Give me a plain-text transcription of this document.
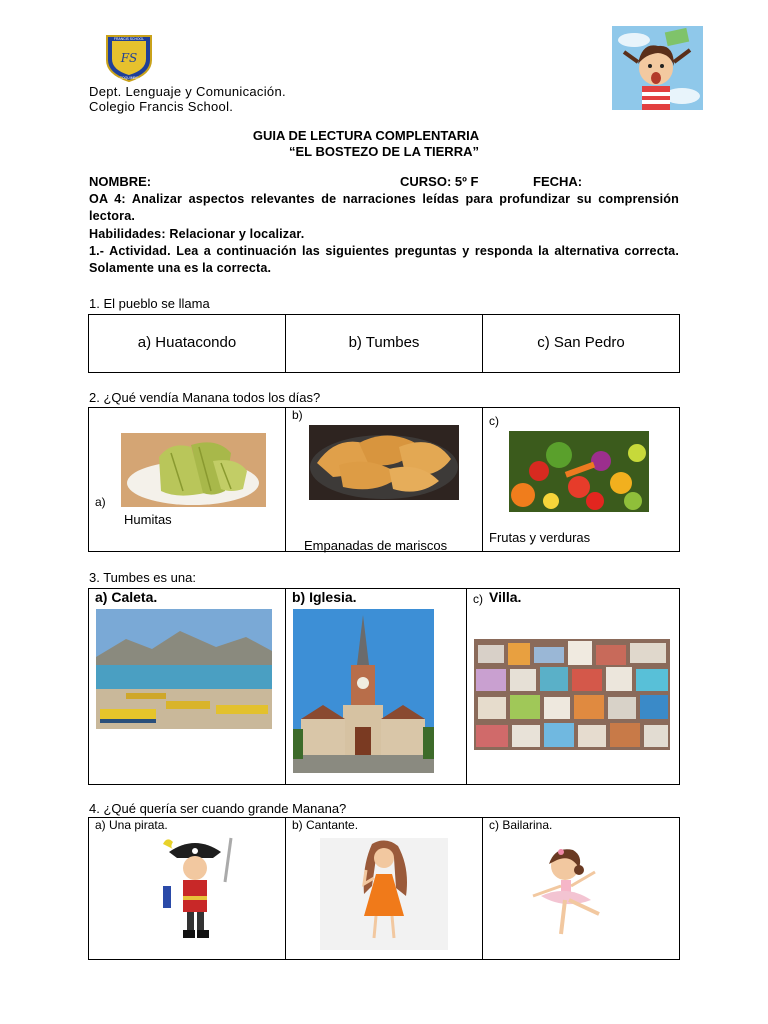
FS
FRANCIS SCHOOL
COQUIMBO
Dept. Lenguaje y Comunicación.
Colegio Francis School.
GUIA DE LECTURA COMPLENTARIA
“EL BOSTEZO DE LA TIERRA”
NOMBRE:	CURSO: 5º F	FECHA:
OA 4: Analizar aspectos relevantes de narraciones leídas para profundizar su comprensión lectora.
Habilidades: Relacionar y localizar.
1.- Actividad. Lea a continuación las siguientes preguntas y responda la alternativa correcta. Solamente una es la correcta.
1. El pueblo se llama
a) Huatacondo	b) Tumbes	c) San Pedro
2. ¿Qué vendía Manana todos los días?
a)
Humitas

b)
Empanadas de mariscos

c)
Frutas y verduras
3. Tumbes es una:
a) Caleta.	b) Iglesia.	c) Villa.
4. ¿Qué quería ser cuando grande Manana?
a) Una pirata.	b) Cantante.	c) Bailarina.
